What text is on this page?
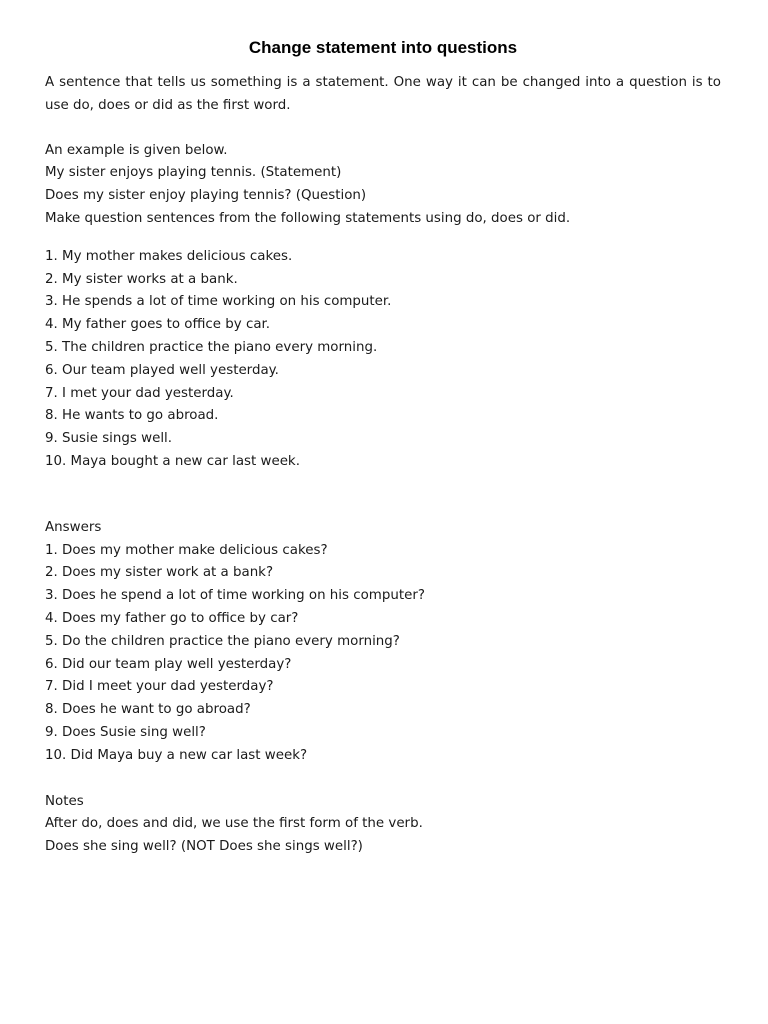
Change statement into questions

A sentence that tells us something is a statement. One way it can be changed into a question is to use do, does or did as the first word.

An example is given below.

My sister enjoys playing tennis. (Statement)

Does my sister enjoy playing tennis? (Question)

Make question sentences from the following statements using do, does or did.

1. My mother makes delicious cakes.
2. My sister works at a bank.
3. He spends a lot of time working on his computer.
4. My father goes to office by car.
5. The children practice the piano every morning.
6. Our team played well yesterday.
7. I met your dad yesterday.
8. He wants to go abroad.
9. Susie sings well.
10. Maya bought a new car last week.

Answers

1. Does my mother make delicious cakes?
2. Does my sister work at a bank?
3. Does he spend a lot of time working on his computer?
4. Does my father go to office by car?
5. Do the children practice the piano every morning?
6. Did our team play well yesterday?
7. Did I meet your dad yesterday?
8. Does he want to go abroad?
9. Does Susie sing well?
10. Did Maya buy a new car last week?

Notes

After do, does and did, we use the first form of the verb.

Does she sing well? (NOT Does she sings well?)
